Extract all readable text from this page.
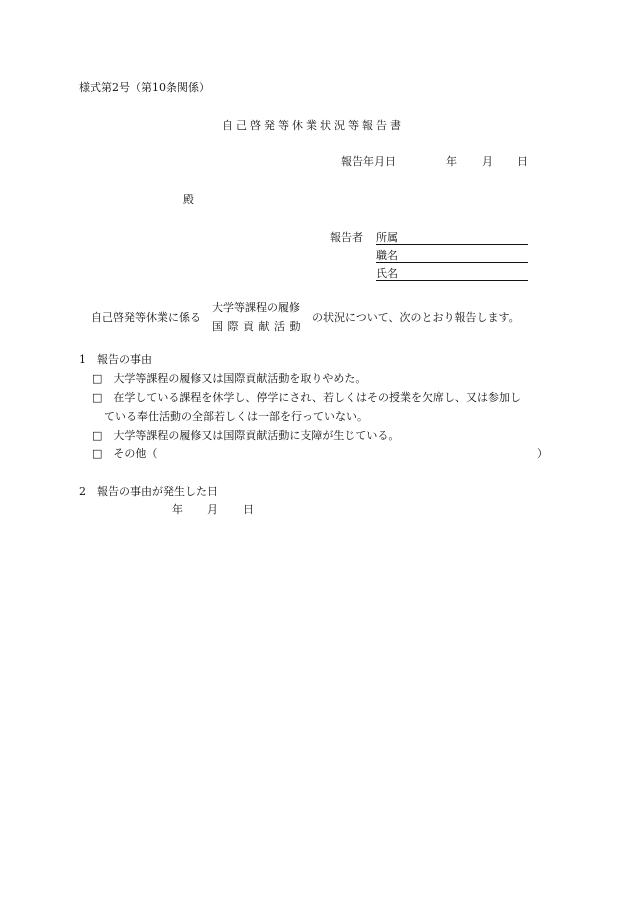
様式第2号（第10条関係）
自己啓発等休業状況等報告書
報告年月日	年 月 日
殿
報告者 所属
職名
氏名
自己啓発等休業に係る
大学等課程の履修
国際貢献活動
の状況について、次のとおり報告します。
1　報告の事由
□　大学等課程の履修又は国際貢献活動を取りやめた。
□　在学している課程を休学し、停学にされ、若しくはその授業を欠席し、又は参加し
ている奉仕活動の全部若しくは一部を行っていない。
□　大学等課程の履修又は国際貢献活動に支障が生じている。
□　その他（	）
2　報告の事由が発生した日
年 月 日
